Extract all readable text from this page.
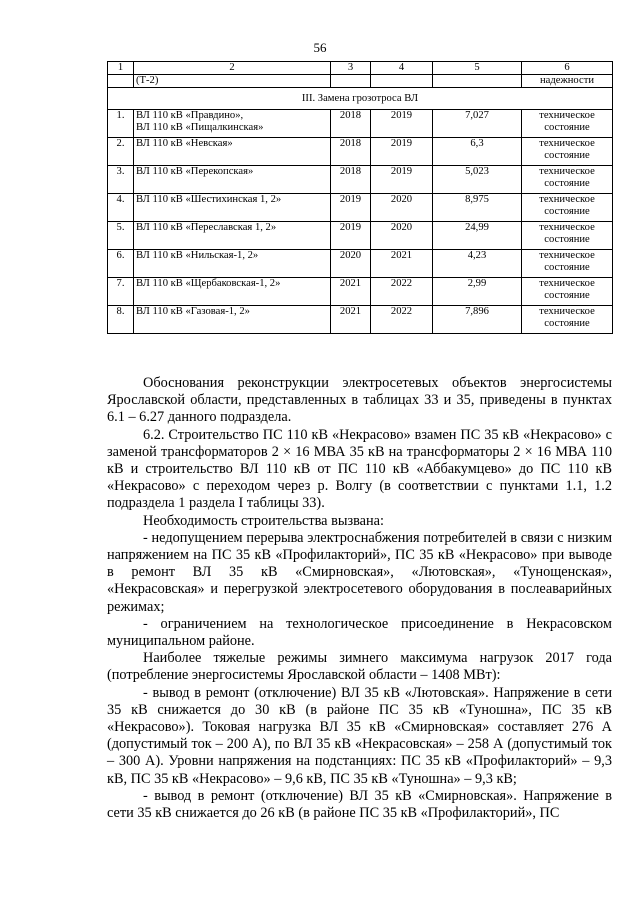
56
1	2	3	4	5	6
	(Т-2)				надежности
III. Замена грозотроса ВЛ					
1.	ВЛ 110 кВ «Правдино»,
ВЛ 110 кВ «Пищалкинская»	2018	2019	7,027	техническое
состояние
2.	ВЛ 110 кВ «Невская»	2018	2019	6,3	техническое
состояние
3.	ВЛ 110 кВ «Перекопская»	2018	2019	5,023	техническое
состояние
4.	ВЛ 110 кВ «Шестихинская 1, 2»	2019	2020	8,975	техническое
состояние
5.	ВЛ 110 кВ «Переславская 1, 2»	2019	2020	24,99	техническое
состояние
6.	ВЛ 110 кВ «Нильская-1, 2»	2020	2021	4,23	техническое
состояние
7.	ВЛ 110 кВ «Щербаковская-1, 2»	2021	2022	2,99	техническое
состояние
8.	ВЛ 110 кВ «Газовая-1, 2»	2021	2022	7,896	техническое
состояние

Обоснования реконструкции электросетевых объектов энергосистемы Ярославской области, представленных в таблицах 33 и 35, приведены в пунктах 6.1 – 6.27 данного подраздела.

6.2. Строительство ПС 110 кВ «Некрасово» взамен ПС 35 кВ «Некрасово» с заменой трансформаторов 2 × 16 МВА 35 кВ на трансформаторы 2 × 16 МВА 110 кВ и строительство ВЛ 110 кВ от ПС 110 кВ «Аббакумцево» до ПС 110 кВ «Некрасово» с переходом через р. Волгу (в соответствии с пунктами 1.1, 1.2 подраздела 1 раздела I таблицы 33).

Необходимость строительства вызвана:

- недопущением перерыва электроснабжения потребителей в связи с низким напряжением на ПС 35 кВ «Профилакторий», ПС 35 кВ «Некрасово» при выводе в ремонт ВЛ 35 кВ «Смирновская», «Лютовская», «Тунощенская», «Некрасовская» и перегрузкой электросетевого оборудования в послеаварийных режимах;

- ограничением на технологическое присоединение в Некрасовском муниципальном районе.

Наиболее тяжелые режимы зимнего максимума нагрузок 2017 года (потребление энергосистемы Ярославской области – 1408 МВт):

- вывод в ремонт (отключение) ВЛ 35 кВ «Лютовская». Напряжение в сети 35 кВ снижается до 30 кВ (в районе ПС 35 кВ «Туношна», ПС 35 кВ «Некрасово»). Токовая нагрузка ВЛ 35 кВ «Смирновская» составляет 276 А (допустимый ток – 200 А), по ВЛ 35 кВ «Некрасовская» – 258 А (допустимый ток – 300 А). Уровни напряжения на подстанциях: ПС 35 кВ «Профилакторий» – 9,3 кВ, ПС 35 кВ «Некрасово» – 9,6 кВ, ПС 35 кВ «Туношна» – 9,3 кВ;

- вывод в ремонт (отключение) ВЛ 35 кВ «Смирновская». Напряжение в сети 35 кВ снижается до 26 кВ (в районе ПС 35 кВ «Профилакторий», ПС
